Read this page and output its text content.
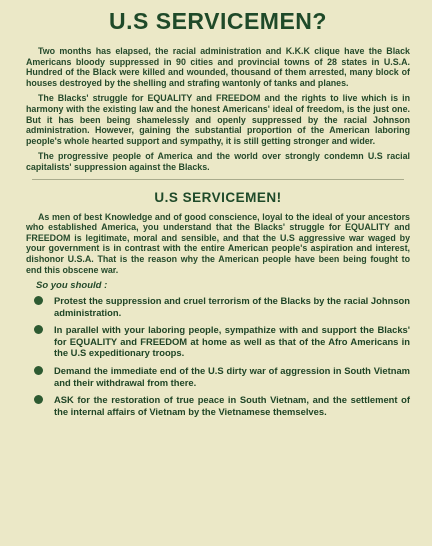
U.S SERVICEMEN?

Two months has elapsed, the racial administration and K.K.K clique have the Black Americans bloody suppressed in 90 cities and provincial towns of 28 states in U.S.A. Hundred of the Black were killed and wounded, thousand of them arrested, many block of houses destroyed by the shelling and strafing wantonly of tanks and planes.

The Blacks' struggle for EQUALITY and FREEDOM and the rights to live which is in harmony with the existing law and the honest Americans' ideal of freedom, is the just one. But it has been being shamelessly and openly suppressed by the racial Johnson administration. However, gaining the substantial proportion of the American laboring people's whole hearted support and sympathy, it is still getting stronger and wider.

The progressive people of America and the world over strongly condemn U.S racial capitalists' suppression against the Blacks.

U.S SERVICEMEN!

As men of best Knowledge and of good conscience, loyal to the ideal of your ancestors who established America, you understand that the Blacks' struggle for EQUALITY and FREEDOM is legitimate, moral and sensible, and that the U.S aggressive war waged by your government is in contrast with the entire American people's aspiration and interest, dishonor U.S.A. That is the reason why the American people have been being fought to end this obscene war.

So you should :
Protest the suppression and cruel terrorism of the Blacks by the racial Johnson administration.
In parallel with your laboring people, sympathize with and support the Blacks' for EQUALITY and FREEDOM at home as well as that of the Afro Americans in the U.S expeditionary troops.
Demand the immediate end of the U.S dirty war of aggression in South Vietnam and their withdrawal from there.
ASK for the restoration of true peace in South Vietnam, and the settlement of the internal affairs of Vietnam by the Vietnamese themselves.
